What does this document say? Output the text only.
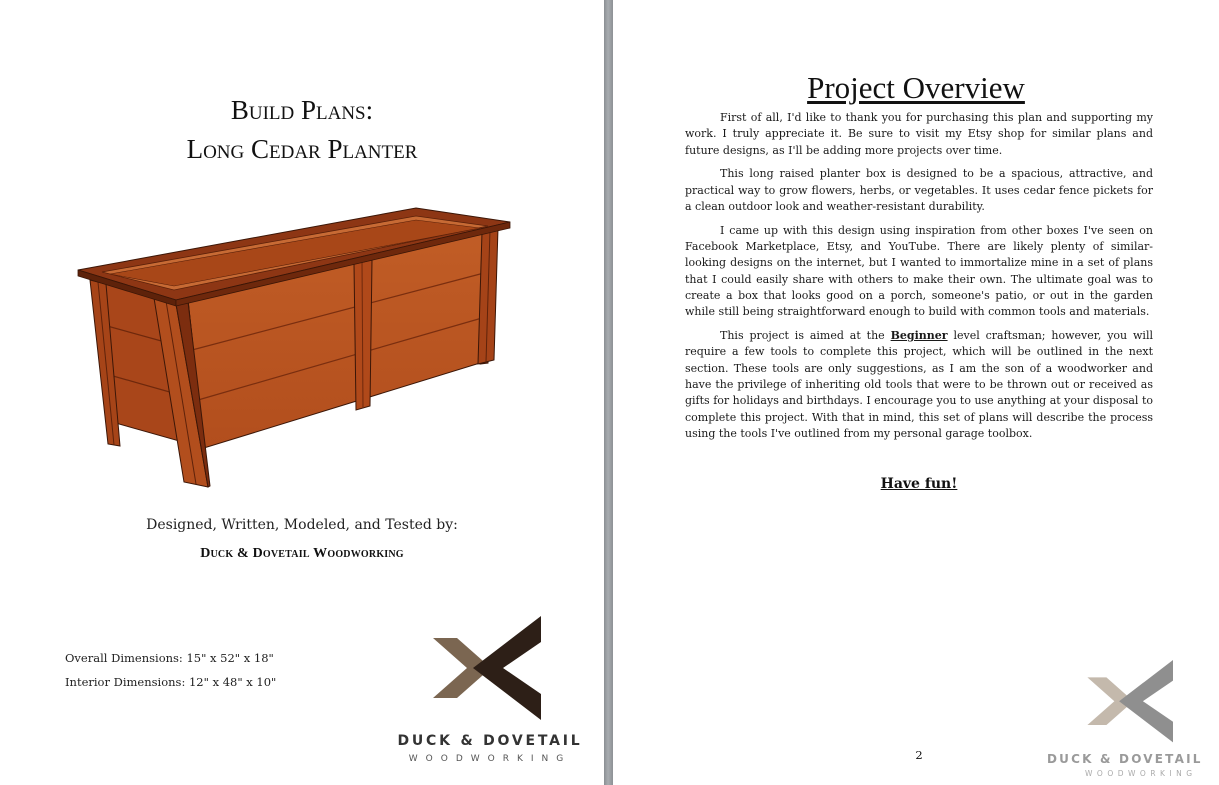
Build Plans:
Long Cedar Planter
Designed, Written, Modeled, and Tested by:
Duck & Dovetail Woodworking
Overall Dimensions: 15" x 52" x 18"
Interior Dimensions: 12" x 48" x 10"
DUCK & DOVETAIL
WOODWORKING
Project Overview

First of all, I'd like to thank you for purchasing this plan and supporting my work. I truly appreciate it. Be sure to visit my Etsy shop for similar plans and future designs, as I'll be adding more projects over time.

This long raised planter box is designed to be a spacious, attractive, and practical way to grow flowers, herbs, or vegetables. It uses cedar fence pickets for a clean outdoor look and weather-resistant durability.

I came up with this design using inspiration from other boxes I've seen on Facebook Marketplace, Etsy, and YouTube. There are likely plenty of similar-looking designs on the internet, but I wanted to immortalize mine in a set of plans that I could easily share with others to make their own. The ultimate goal was to create a box that looks good on a porch, someone's patio, or out in the garden while still being straightforward enough to build with common tools and materials.

This project is aimed at the Beginner level craftsman; however, you will require a few tools to complete this project, which will be outlined in the next section. These tools are only suggestions, as I am the son of a woodworker and have the privilege of inheriting old tools that were to be thrown out or received as gifts for holidays and birthdays. I encourage you to use anything at your disposal to complete this project. With that in mind, this set of plans will describe the process using the tools I've outlined from my personal garage toolbox.

Have fun!
2	DUCK & DOVETAIL
WOODWORKING
